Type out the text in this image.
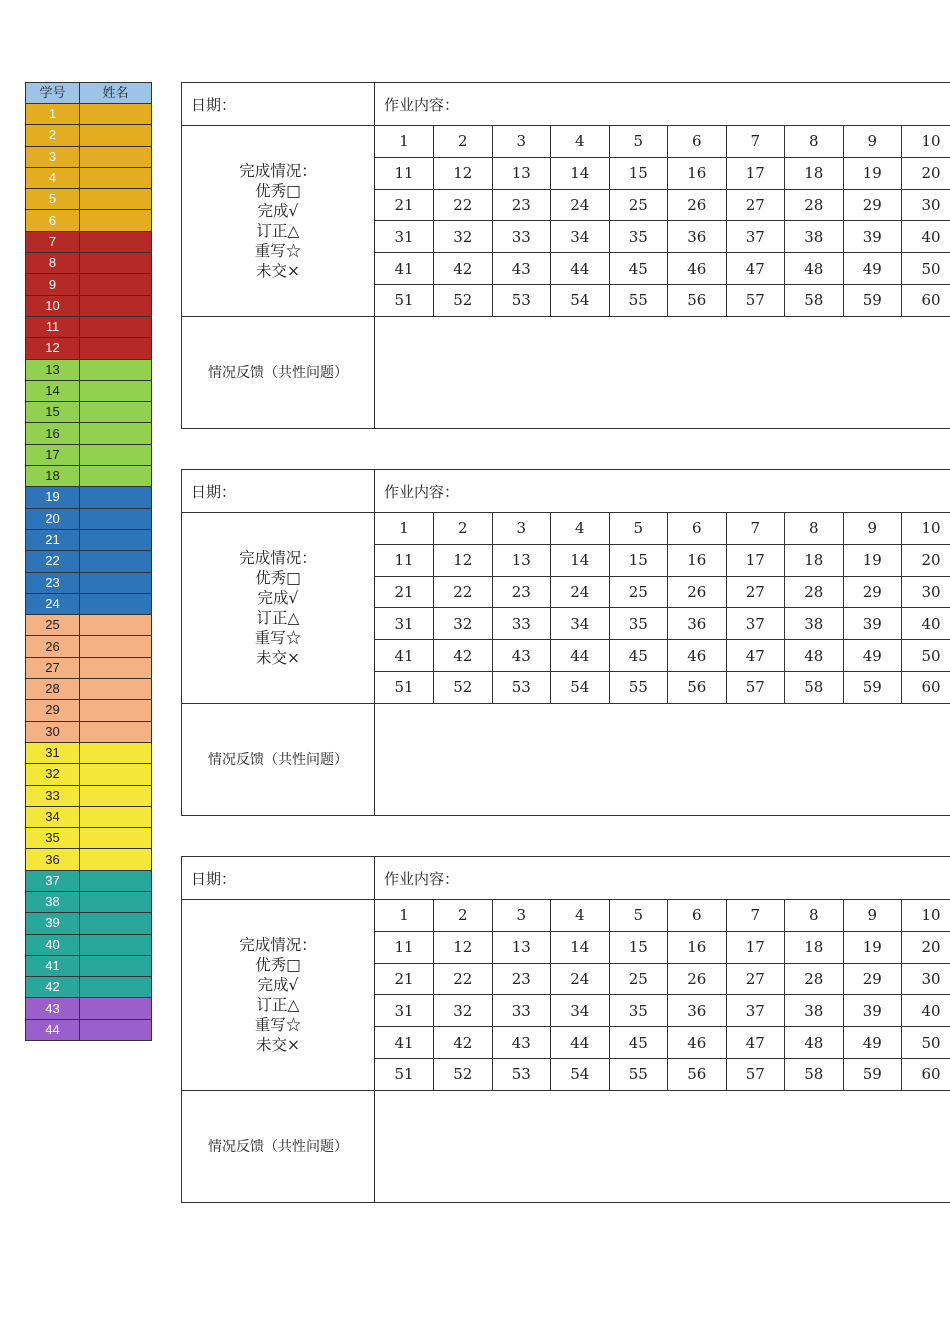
学号	姓名
1	
2	
3	
4	
5	
6	
7	
8	
9	
10	
11	
12	
13	
14	
15	
16	
17	
18	
19	
20	
21	
22	
23	
24	
25	
26	
27	
28	
29	
30	
31	
32	
33	
34	
35	
36	
37	
38	
39	
40	
41	
42	
43	
44	
日期：	作业内容：

完成情况：
优秀□
完成√
订正△
重写☆
未交×

1	2	3	4	5	6	7	8	9	10
11	12	13	14	15	16	17	18	19	20
21	22	23	24	25	26	27	28	29	30
31	32	33	34	35	36	37	38	39	40
41	42	43	44	45	46	47	48	49	50
51	52	53	54	55	56	57	58	59	60

情况反馈（共性问题）	
日期：	作业内容：

完成情况：
优秀□
完成√
订正△
重写☆
未交×

1	2	3	4	5	6	7	8	9	10
11	12	13	14	15	16	17	18	19	20
21	22	23	24	25	26	27	28	29	30
31	32	33	34	35	36	37	38	39	40
41	42	43	44	45	46	47	48	49	50
51	52	53	54	55	56	57	58	59	60

情况反馈（共性问题）	
日期：	作业内容：

完成情况：
优秀□
完成√
订正△
重写☆
未交×

1	2	3	4	5	6	7	8	9	10
11	12	13	14	15	16	17	18	19	20
21	22	23	24	25	26	27	28	29	30
31	32	33	34	35	36	37	38	39	40
41	42	43	44	45	46	47	48	49	50
51	52	53	54	55	56	57	58	59	60

情况反馈（共性问题）	
